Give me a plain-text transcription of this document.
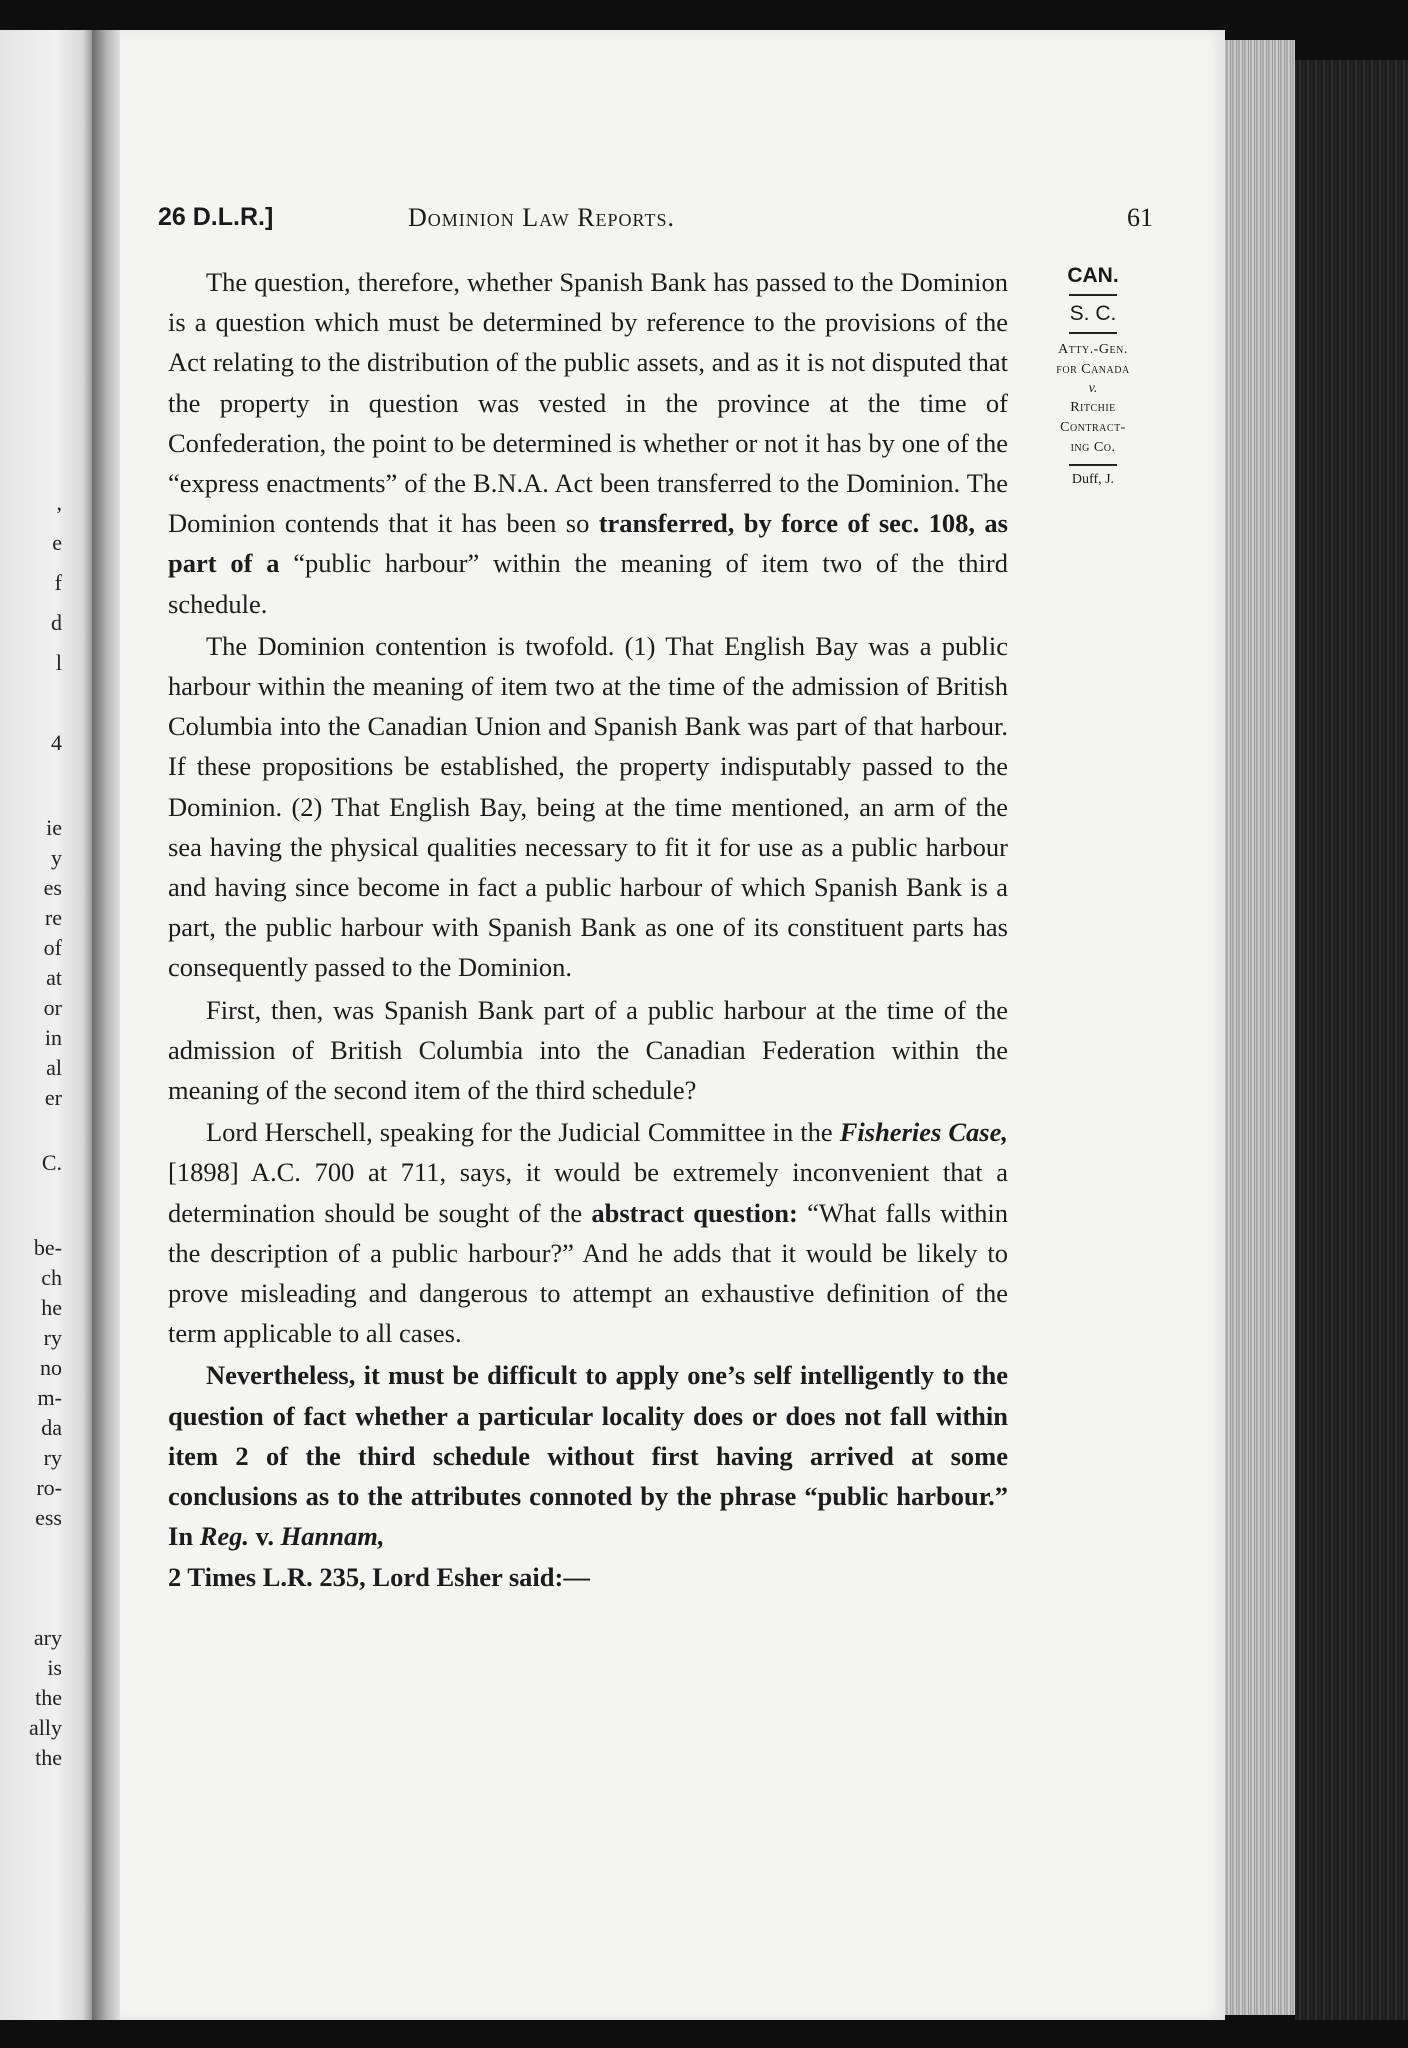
,
e
f
d
l
4
ie
y
es
re
of
at
or
in
al
er
C.
be-
ch
he
ry
no
m-
da
ry
ro-
ess
ary
is
the
ally
the
26 D.L.R.]	Dominion Law Reports.	61

The question, therefore, whether Spanish Bank has passed to the Dominion is a question which must be determined by reference to the provisions of the Act relating to the distribution of the public assets, and as it is not disputed that the property in question was vested in the province at the time of Confederation, the point to be determined is whether or not it has by one of the “express enactments” of the B.N.A. Act been transferred to the Dominion. The Dominion contends that it has been so transferred, by force of sec. 108, as part of a “public harbour” within the meaning of item two of the third schedule.

The Dominion contention is twofold. (1) That English Bay was a public harbour within the meaning of item two at the time of the admission of British Columbia into the Canadian Union and Spanish Bank was part of that harbour. If these propositions be established, the property indisputably passed to the Dominion. (2) That English Bay, being at the time mentioned, an arm of the sea having the physical qualities necessary to fit it for use as a public harbour and having since become in fact a public harbour of which Spanish Bank is a part, the public harbour with Spanish Bank as one of its constituent parts has consequently passed to the Dominion.

First, then, was Spanish Bank part of a public harbour at the time of the admission of British Columbia into the Canadian Federation within the meaning of the second item of the third schedule?

Lord Herschell, speaking for the Judicial Committee in the Fisheries Case, [1898] A.C. 700 at 711, says, it would be extremely inconvenient that a determination should be sought of the abstract question: “What falls within the description of a public harbour?” And he adds that it would be likely to prove misleading and dangerous to attempt an exhaustive definition of the term applicable to all cases.

Nevertheless, it must be difficult to apply one’s self intelligently to the question of fact whether a particular locality does or does not fall within item 2 of the third schedule without first having arrived at some conclusions as to the attributes connoted by the phrase “public harbour.” In Reg. v. Hannam,
2 Times L.R. 235, Lord Esher said:—

CAN.
S. C.
Atty.-Gen.
for Canada
v.
Ritchie
Contract-
ing Co.
Duff, J.
